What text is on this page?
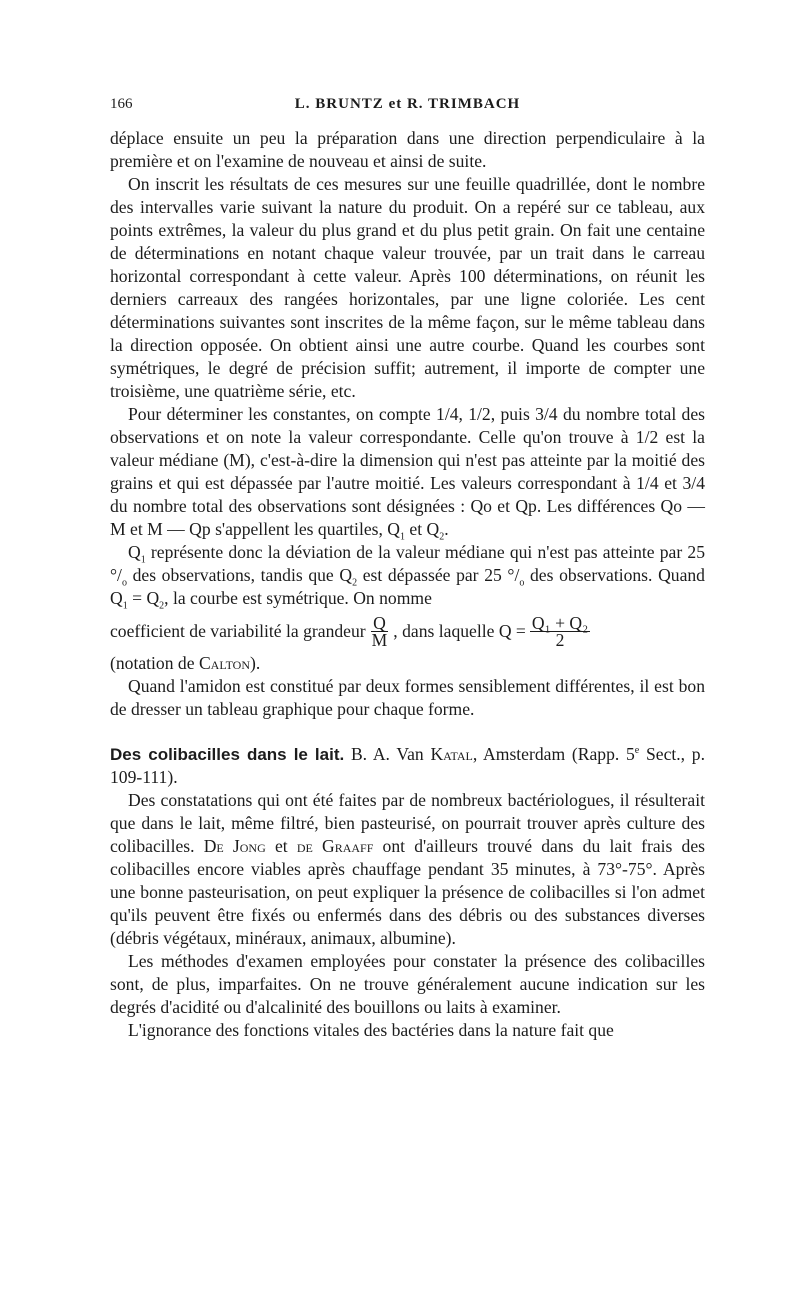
166	L. BRUNTZ et R. TRIMBACH

déplace ensuite un peu la préparation dans une direction perpendiculaire à la première et on l'examine de nouveau et ainsi de suite.

On inscrit les résultats de ces mesures sur une feuille quadrillée, dont le nombre des intervalles varie suivant la nature du produit. On a repéré sur ce tableau, aux points extrêmes, la valeur du plus grand et du plus petit grain. On fait une centaine de déterminations en notant chaque valeur trouvée, par un trait dans le carreau horizontal correspondant à cette valeur. Après 100 déterminations, on réunit les derniers carreaux des rangées horizontales, par une ligne coloriée. Les cent déterminations suivantes sont inscrites de la même façon, sur le même tableau dans la direction opposée. On obtient ainsi une autre courbe. Quand les courbes sont symétriques, le degré de précision suffit; autrement, il importe de compter une troisième, une quatrième série, etc.

Pour déterminer les constantes, on compte 1/4, 1/2, puis 3/4 du nombre total des observations et on note la valeur correspondante. Celle qu'on trouve à 1/2 est la valeur médiane (M), c'est-à-dire la dimension qui n'est pas atteinte par la moitié des grains et qui est dépassée par l'autre moitié. Les valeurs correspondant à 1/4 et 3/4 du nombre total des observations sont désignées : Qo et Qp. Les différences Qo — M et M — Qp s'appellent les quartiles, $Q_1$ et $Q_2$.

$Q_1$ représente donc la déviation de la valeur médiane qui n'est pas atteinte par 25 $^\circ/_o$ des observations, tandis que $Q_2$ est dépassée par 25 $^\circ/_o$ des observations. Quand $Q_1 = Q_2$, la courbe est symétrique. On nomme

coefficient de variabilité la grandeur $\frac{Q}{M}$ , dans laquelle $Q = \frac{\text{Q₁ + Q₂}}{2}$

(notation de Calton).

Quand l'amidon est constitué par deux formes sensiblement différentes, il est bon de dresser un tableau graphique pour chaque forme.

Des colibacilles dans le lait. B. A. Van Katal, Amsterdam (Rapp. 5e Sect., p. 109-111).

Des constatations qui ont été faites par de nombreux bactériologues, il résulterait que dans le lait, même filtré, bien pasteurisé, on pourrait trouver après culture des colibacilles. De Jong et de Graaff ont d'ailleurs trouvé dans du lait frais des colibacilles encore viables après chauffage pendant 35 minutes, à 73°-75°. Après une bonne pasteurisation, on peut expliquer la présence de colibacilles si l'on admet qu'ils peuvent être fixés ou enfermés dans des débris ou des substances diverses (débris végétaux, minéraux, animaux, albumine).

Les méthodes d'examen employées pour constater la présence des colibacilles sont, de plus, imparfaites. On ne trouve généralement aucune indication sur les degrés d'acidité ou d'alcalinité des bouillons ou laits à examiner.

L'ignorance des fonctions vitales des bactéries dans la nature fait que
